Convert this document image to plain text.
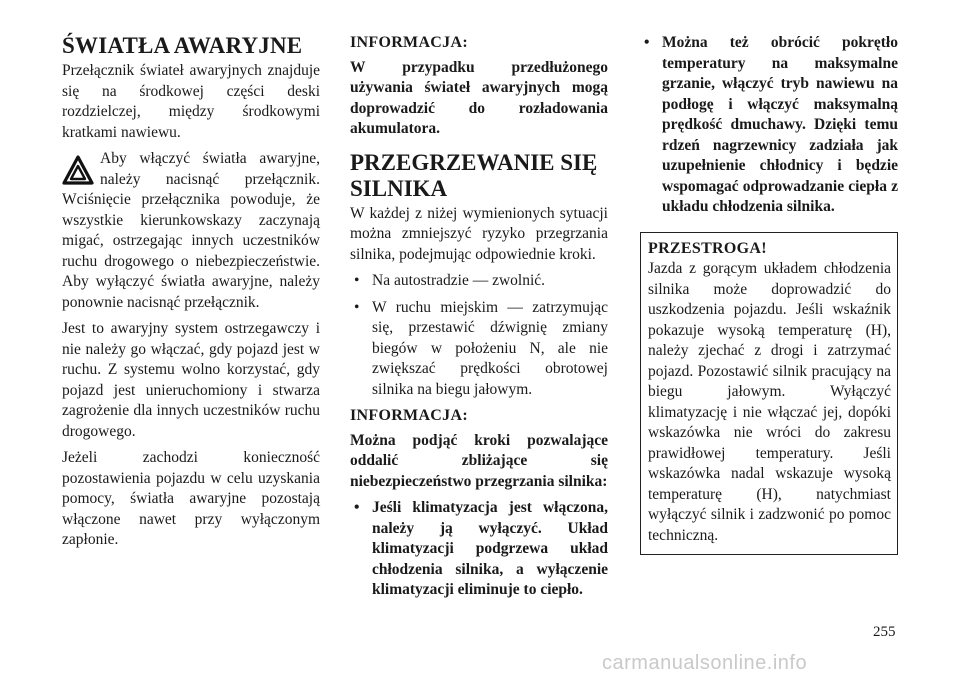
ŚWIATŁA AWARYJNE

Przełącznik świateł awaryjnych znajduje się na środkowej części deski rozdzielczej, między środkowymi kratkami nawiewu.

Aby włączyć światła awaryjne, należy nacisnąć przełącznik. Wciśnięcie przełącznika powoduje, że wszystkie kierunkowskazy zaczynają migać, ostrzegając innych uczestników ruchu drogowego o niebezpieczeństwie. Aby wyłączyć światła awaryjne, należy ponownie nacisnąć przełącznik.

Jest to awaryjny system ostrzegawczy i nie należy go włączać, gdy pojazd jest w ruchu. Z systemu wolno korzystać, gdy pojazd jest unieruchomiony i stwarza zagrożenie dla innych uczestników ruchu drogowego.

Jeżeli zachodzi konieczność pozostawienia pojazdu w celu uzyskania pomocy, światła awaryjne pozostają włączone nawet przy wyłączonym zapłonie.

INFORMACJA:

W przypadku przedłużonego używania świateł awaryjnych mogą doprowadzić do rozładowania akumulatora.

PRZEGRZEWANIE SIĘ SILNIKA

W każdej z niżej wymienionych sytuacji można zmniejszyć ryzyko przegrzania silnika, podejmując odpowiednie kroki.

• Na autostradzie — zwolnić.
• W ruchu miejskim — zatrzymując się, przestawić dźwignię zmiany biegów w położeniu N, ale nie zwiększać prędkości obrotowej silnika na biegu jałowym.
INFORMACJA:

Można podjąć kroki pozwalające oddalić zbliżające się niebezpieczeństwo przegrzania silnika:

• Jeśli klimatyzacja jest włączona, należy ją wyłączyć. Układ klimatyzacji podgrzewa układ chłodzenia silnika, a wyłączenie klimatyzacji eliminuje to ciepło.
• Można też obrócić pokrętło temperatury na maksymalne grzanie, włączyć tryb nawiewu na podłogę i włączyć maksymalną prędkość dmuchawy. Dzięki temu rdzeń nagrzewnicy zadziała jak uzupełnienie chłodnicy i będzie wspomagać odprowadzanie ciepła z układu chłodzenia silnika.
PRZESTROGA!

Jazda z gorącym układem chłodzenia silnika może doprowadzić do uszkodzenia pojazdu. Jeśli wskaźnik pokazuje wysoką temperaturę (H), należy zjechać z drogi i zatrzymać pojazd. Pozostawić silnik pracujący na biegu jałowym. Wyłączyć klimatyzację i nie włączać jej, dopóki wskazówka nie wróci do zakresu prawidłowej temperatury. Jeśli wskazówka nadal wskazuje wysoką temperaturę (H), natychmiast wyłączyć silnik i zadzwonić po pomoc techniczną.

255
carmanualsonline.info
